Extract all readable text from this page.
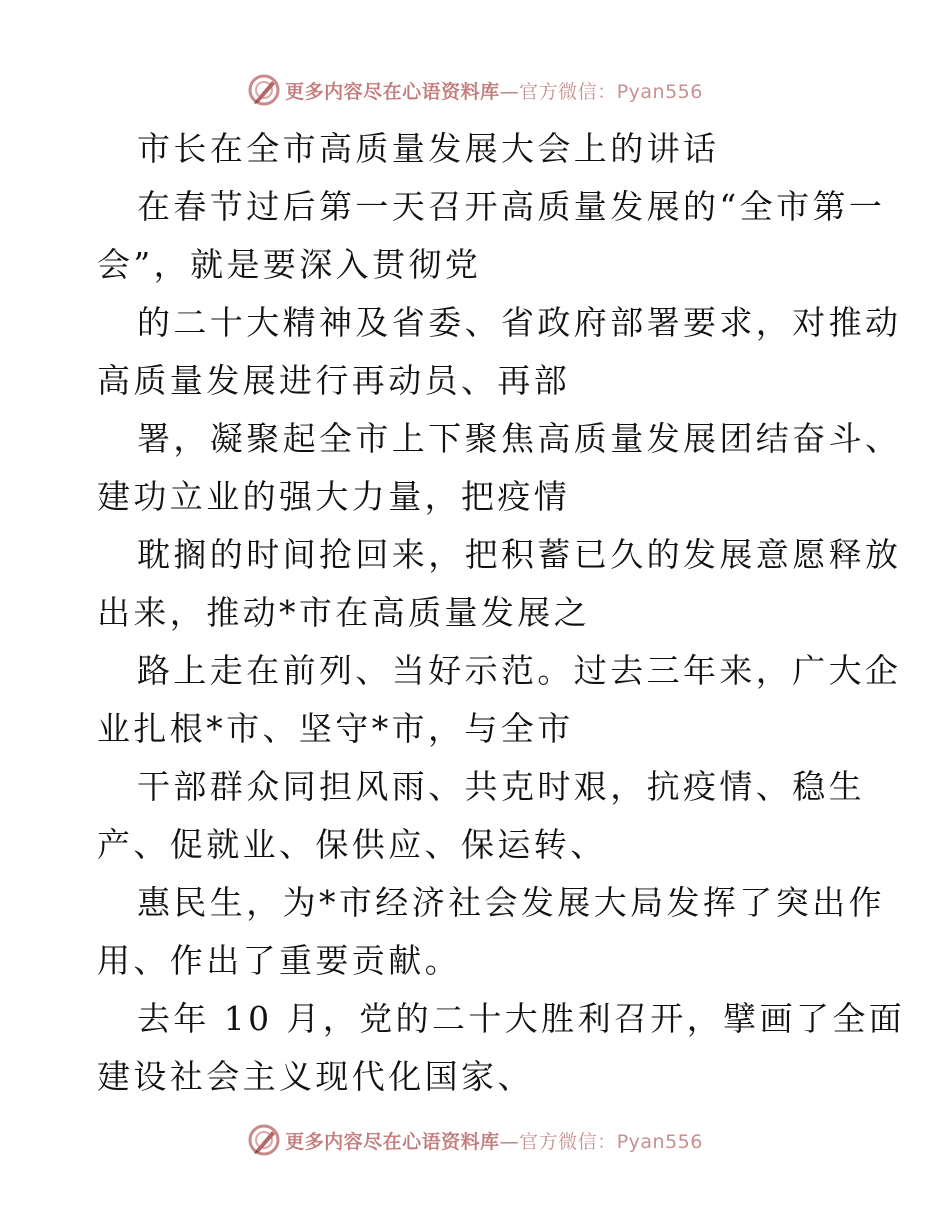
更多内容尽在心语资料库—官方微信：Pyan556
市长在全市高质量发展大会上的讲话
在春节过后第一天召开高质量发展的“全市第一
会”，就是要深入贯彻党
的二十大精神及省委、省政府部署要求，对推动
高质量发展进行再动员、再部
署，凝聚起全市上下聚焦高质量发展团结奋斗、
建功立业的强大力量，把疫情
耽搁的时间抢回来，把积蓄已久的发展意愿释放
出来，推动*市在高质量发展之
路上走在前列、当好示范。过去三年来，广大企
业扎根*市、坚守*市，与全市
干部群众同担风雨、共克时艰，抗疫情、稳生
产、促就业、保供应、保运转、
惠民生，为*市经济社会发展大局发挥了突出作
用、作出了重要贡献。
去年 10 月，党的二十大胜利召开，擘画了全面
建设社会主义现代化国家、
更多内容尽在心语资料库—官方微信：Pyan556
